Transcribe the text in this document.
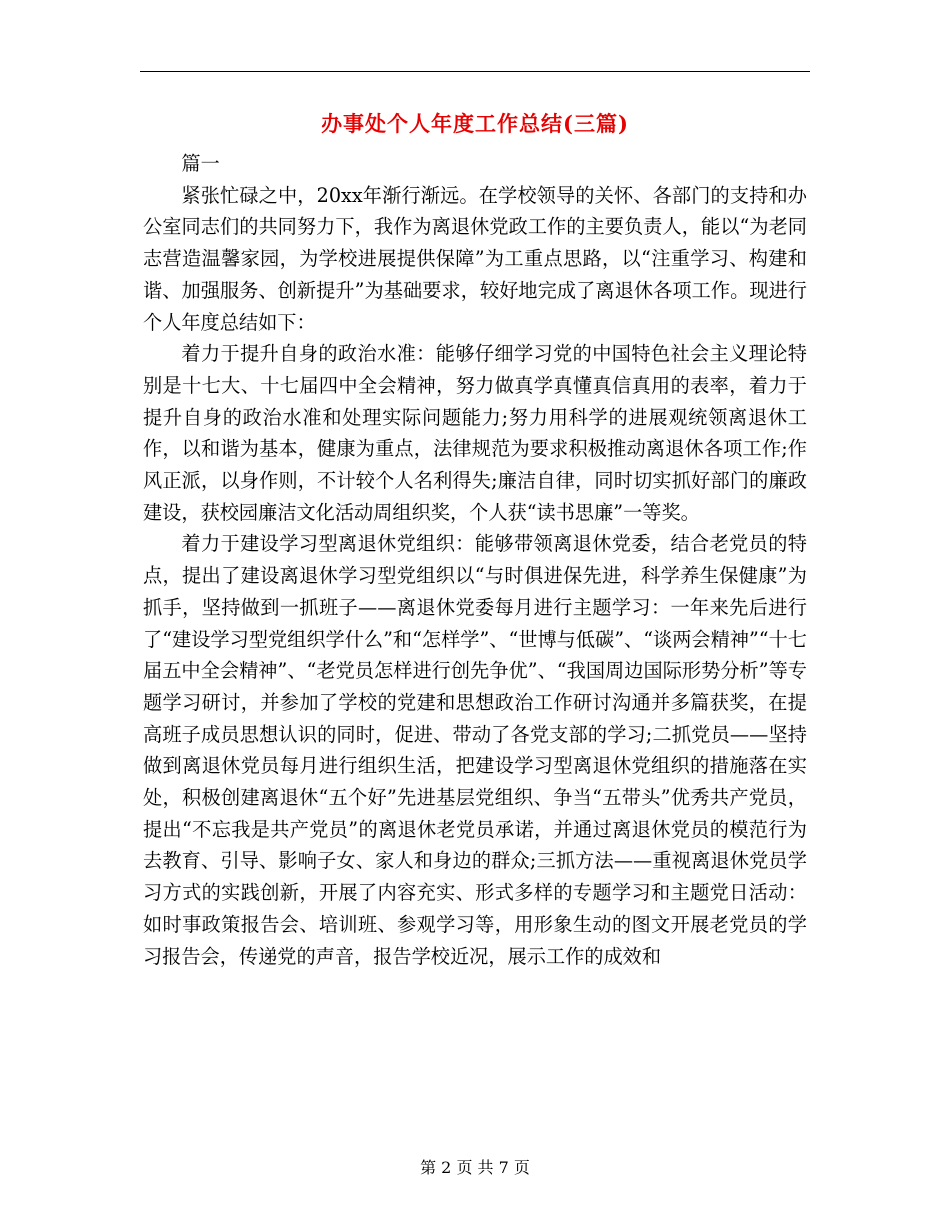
办事处个人年度工作总结(三篇)

篇一

紧张忙碌之中，20xx年渐行渐远。在学校领导的关怀、各部门的支持和办公室同志们的共同努力下，我作为离退休党政工作的主要负责人，能以“为老同志营造温馨家园，为学校进展提供保障”为工重点思路，以“注重学习、构建和谐、加强服务、创新提升”为基础要求，较好地完成了离退休各项工作。现进行个人年度总结如下：

着力于提升自身的政治水准：能够仔细学习党的中国特色社会主义理论特别是十七大、十七届四中全会精神，努力做真学真懂真信真用的表率，着力于提升自身的政治水准和处理实际问题能力;努力用科学的进展观统领离退休工作，以和谐为基本，健康为重点，法律规范为要求积极推动离退休各项工作;作风正派，以身作则，不计较个人名利得失;廉洁自律，同时切实抓好部门的廉政建设，获校园廉洁文化活动周组织奖，个人获“读书思廉”一等奖。

着力于建设学习型离退休党组织：能够带领离退休党委，结合老党员的特点，提出了建设离退休学习型党组织以“与时俱进保先进，科学养生保健康”为抓手，坚持做到一抓班子——离退休党委每月进行主题学习：一年来先后进行了“建设学习型党组织学什么”和“怎样学”、“世博与低碳”、“谈两会精神”“十七届五中全会精神”、“老党员怎样进行创先争优”、“我国周边国际形势分析”等专题学习研讨，并参加了学校的党建和思想政治工作研讨沟通并多篇获奖，在提高班子成员思想认识的同时，促进、带动了各党支部的学习;二抓党员——坚持做到离退休党员每月进行组织生活，把建设学习型离退休党组织的措施落在实处，积极创建离退休“五个好”先进基层党组织、争当“五带头”优秀共产党员，提出“不忘我是共产党员”的离退休老党员承诺，并通过离退休党员的模范行为去教育、引导、影响子女、家人和身边的群众;三抓方法——重视离退休党员学习方式的实践创新，开展了内容充实、形式多样的专题学习和主题党日活动：如时事政策报告会、培训班、参观学习等，用形象生动的图文开展老党员的学习报告会，传递党的声音，报告学校近况，展示工作的成效和

第 2 页 共 7 页
